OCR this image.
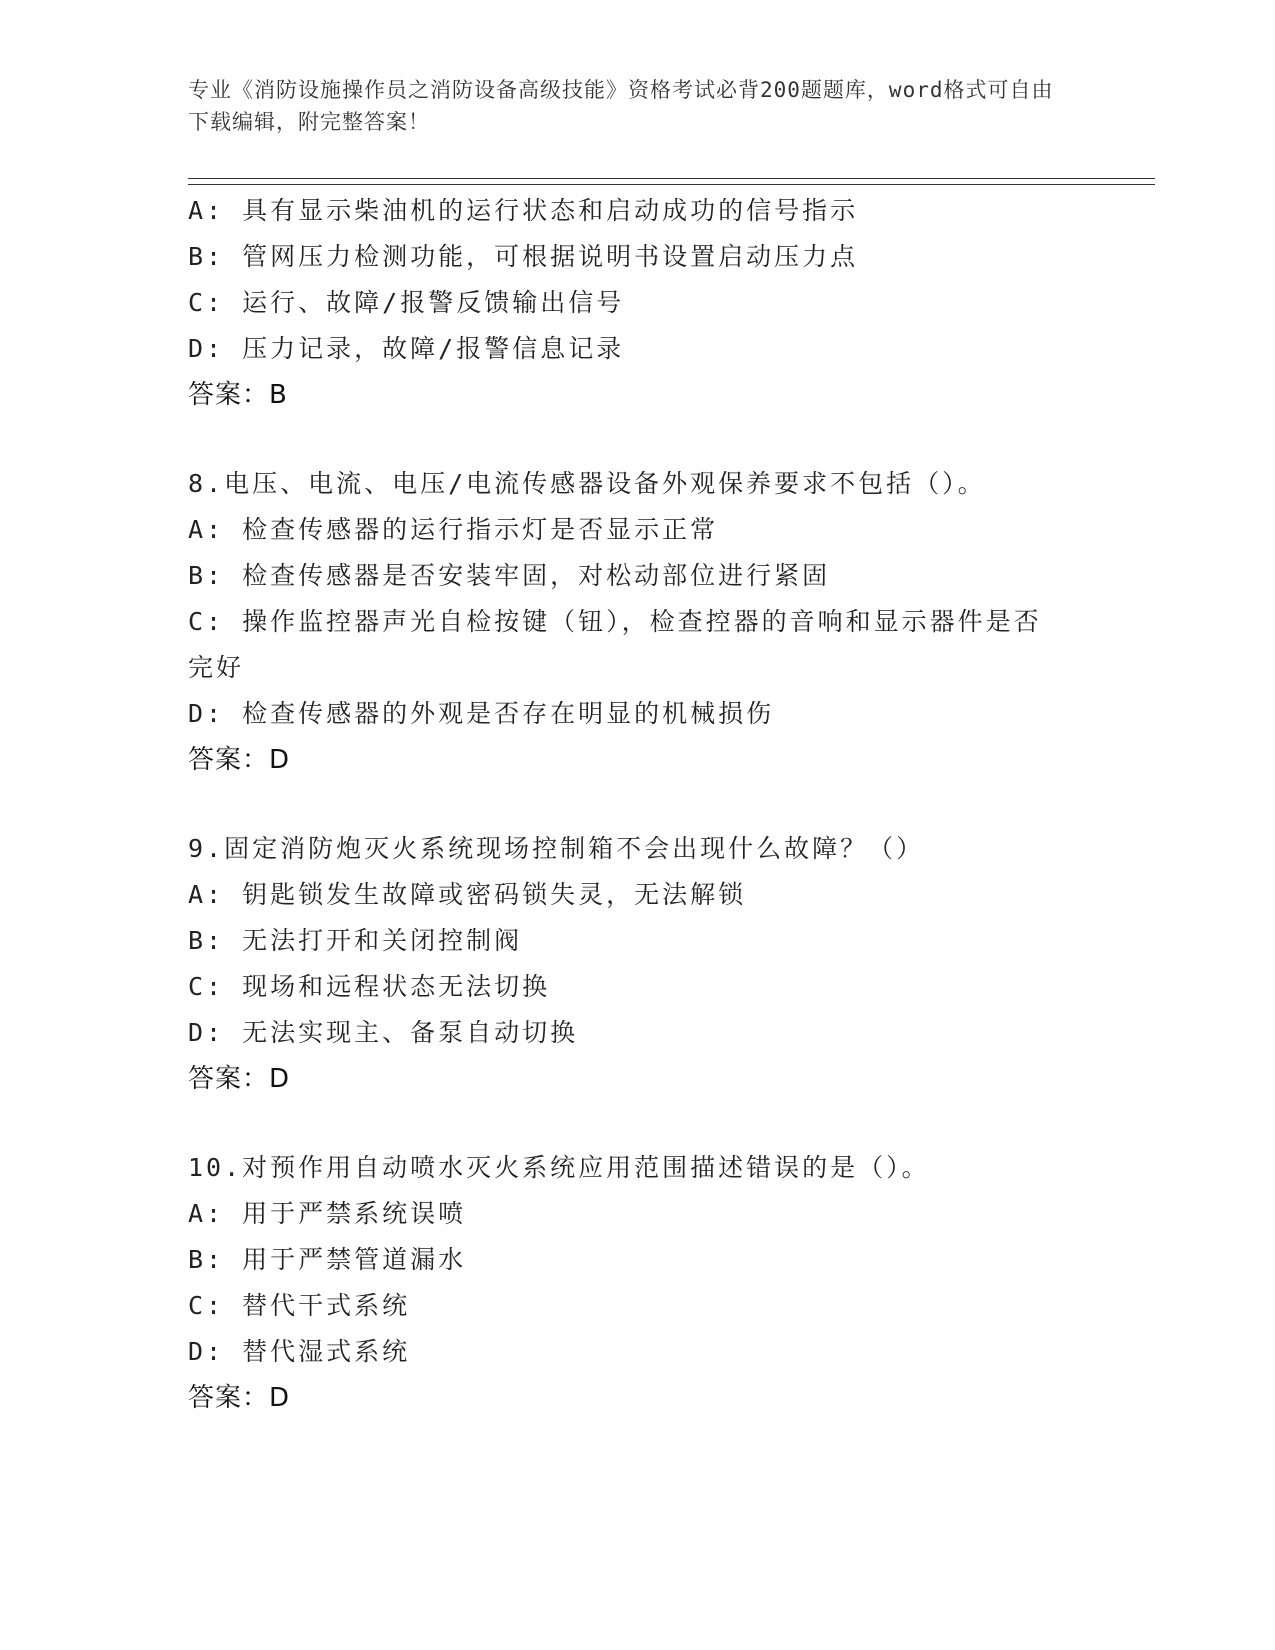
专业《消防设施操作员之消防设备高级技能》资格考试必背200题题库，word格式可自由下载编辑，附完整答案！
A: 具有显示柴油机的运行状态和启动成功的信号指示
B: 管网压力检测功能，可根据说明书设置启动压力点
C: 运行、故障/报警反馈输出信号
D: 压力记录，故障/报警信息记录
答案：B
8.电压、电流、电压/电流传感器设备外观保养要求不包括（）。
A: 检查传感器的运行指示灯是否显示正常
B: 检查传感器是否安装牢固，对松动部位进行紧固
C: 操作监控器声光自检按键（钮），检查控器的音响和显示器件是否完好
D: 检查传感器的外观是否存在明显的机械损伤
答案：D
9.固定消防炮灭火系统现场控制箱不会出现什么故障？（）
A: 钥匙锁发生故障或密码锁失灵，无法解锁
B: 无法打开和关闭控制阀
C: 现场和远程状态无法切换
D: 无法实现主、备泵自动切换
答案：D
10.对预作用自动喷水灭火系统应用范围描述错误的是（）。
A: 用于严禁系统误喷
B: 用于严禁管道漏水
C: 替代干式系统
D: 替代湿式系统
答案：D
